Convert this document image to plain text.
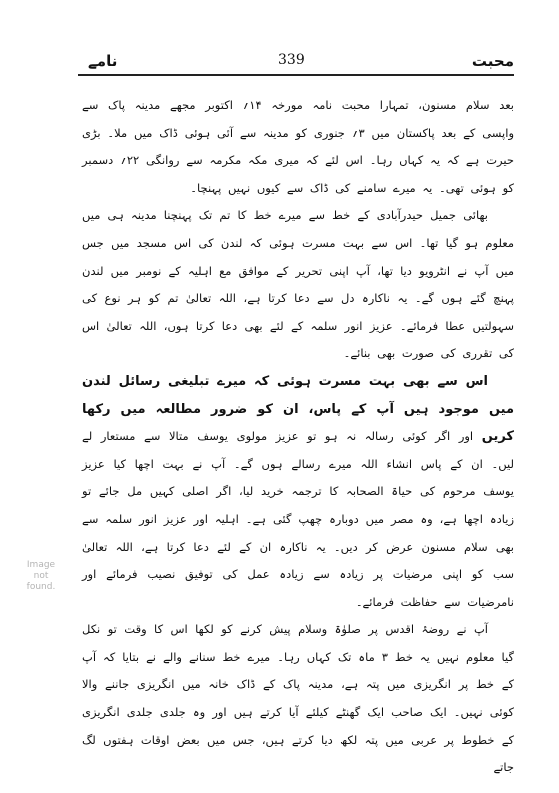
نامے	339	محبت
Image not found.

بعد سلام مسنون، تمہارا محبت نامہ مورخہ ۱۴؍ اکتوبر مجھے مدینہ پاک سے واپسی کے بعد پاکستان میں ۳؍ جنوری کو مدینہ سے آئی ہوئی ڈاک میں ملا۔ بڑی حیرت ہے کہ یہ کہاں رہا۔ اس لئے کہ میری مکہ مکرمہ سے روانگی ۲۲؍ دسمبر کو ہوئی تھی۔ یہ میرے سامنے کی ڈاک سے کیوں نہیں پہنچا۔

بھائی جمیل حیدرآبادی کے خط سے میرے خط کا تم تک پہنچنا مدینہ ہی میں معلوم ہو گیا تھا۔ اس سے بہت مسرت ہوئی کہ لندن کی اس مسجد میں جس میں آپ نے انٹرویو دیا تھا، آپ اپنی تحریر کے موافق مع اہلیہ کے نومبر میں لندن پہنچ گئے ہوں گے۔ یہ ناکارہ دل سے دعا کرتا ہے، اللہ تعالیٰ تم کو ہر نوع کی سہولتیں عطا فرمائے۔ عزیز انور سلمہ کے لئے بھی دعا کرتا ہوں، اللہ تعالیٰ اس کی تقرری کی صورت بھی بنائے۔

اس سے بھی بہت مسرت ہوئی کہ میرے تبلیغی رسائل لندن میں موجود ہیں آپ کے پاس، ان کو ضرور مطالعہ میں رکھا کریں اور اگر کوئی رسالہ نہ ہو تو عزیز مولوی یوسف متالا سے مستعار لے لیں۔ ان کے پاس انشاء اللہ میرے رسالے ہوں گے۔ آپ نے بہت اچھا کیا عزیز یوسف مرحوم کی حیاۃ الصحابہ کا ترجمہ خرید لیا، اگر اصلی کہیں مل جائے تو زیادہ اچھا ہے، وہ مصر میں دوبارہ چھپ گئی ہے۔ اہلیہ اور عزیز انور سلمہ سے بھی سلام مسنون عرض کر دیں۔ یہ ناکارہ ان کے لئے دعا کرتا ہے، اللہ تعالیٰ سب کو اپنی مرضیات پر زیادہ سے زیادہ عمل کی توفیق نصیب فرمائے اور نامرضیات سے حفاظت فرمائے۔

آپ نے روضۂ اقدس پر صلوٰۃ وسلام پیش کرنے کو لکھا اس کا وقت تو نکل گیا معلوم نہیں یہ خط ۳ ماہ تک کہاں رہا۔ میرے خط سنانے والے نے بتایا کہ آپ کے خط پر انگریزی میں پتہ ہے، مدینہ پاک کے ڈاک خانہ میں انگریزی جاننے والا کوئی نہیں۔ ایک صاحب ایک گھنٹے کیلئے آیا کرتے ہیں اور وہ جلدی جلدی انگریزی کے خطوط پر عربی میں پتہ لکھ دیا کرتے ہیں، جس میں بعض اوقات ہفتوں لگ جاتے
